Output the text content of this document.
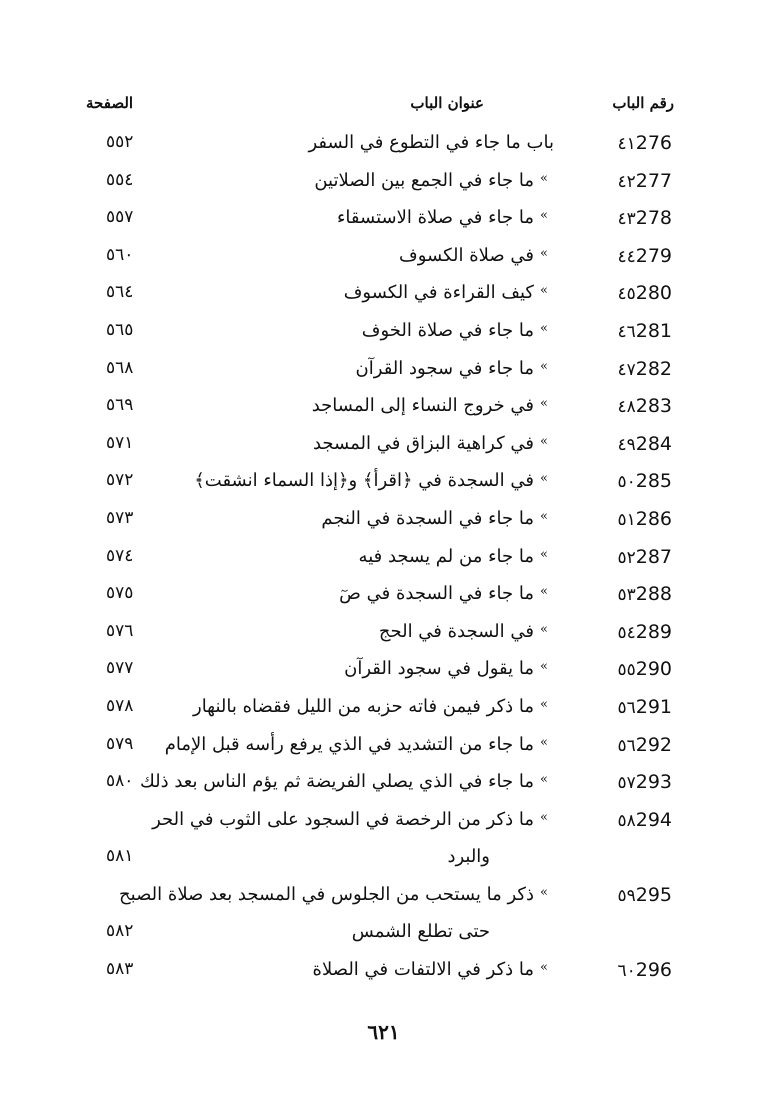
رقم الباب
عنوان الباب
الصفحة
٤١276
باب ما جاء في التطوع في السفر
٥٥٢
٤٢277
»
ما جاء في الجمع بين الصلاتين
٥٥٤
٤٣278
»
ما جاء في صلاة الاستسقاء
٥٥٧
٤٤279
»
في صلاة الكسوف
٥٦٠
٤٥280
»
كيف القراءة في الكسوف
٥٦٤
٤٦281
»
ما جاء في صلاة الخوف
٥٦٥
٤٧282
»
ما جاء في سجود القرآن
٥٦٨
٤٨283
»
في خروج النساء إلى المساجد
٥٦٩
٤٩284
»
في كراهية البزاق في المسجد
٥٧١
٥٠285
»
في السجدة في ﴿اقرأ﴾ و﴿إذا السماء انشقت﴾
٥٧٢
٥١286
»
ما جاء في السجدة في النجم
٥٧٣
٥٢287
»
ما جاء من لم يسجد فيه
٥٧٤
٥٣288
»
ما جاء في السجدة في صٓ
٥٧٥
٥٤289
»
في السجدة في الحج
٥٧٦
٥٥290
»
ما يقول في سجود القرآن
٥٧٧
٥٦291
»
ما ذكر فيمن فاته حزبه من الليل فقضاه بالنهار
٥٧٨
٥٦292
»
ما جاء من التشديد في الذي يرفع رأسه قبل الإمام
٥٧٩
٥٧293
»
ما جاء في الذي يصلي الفريضة ثم يؤم الناس بعد ذلك
٥٨٠
٥٨294
»
ما ذكر من الرخصة في السجود على الثوب في الحر
والبرد
٥٨١
٥٩295
»
ذكر ما يستحب من الجلوس في المسجد بعد صلاة الصبح
حتى تطلع الشمس
٥٨٢
٦٠296
»
ما ذكر في الالتفات في الصلاة
٥٨٣
٦٢١
